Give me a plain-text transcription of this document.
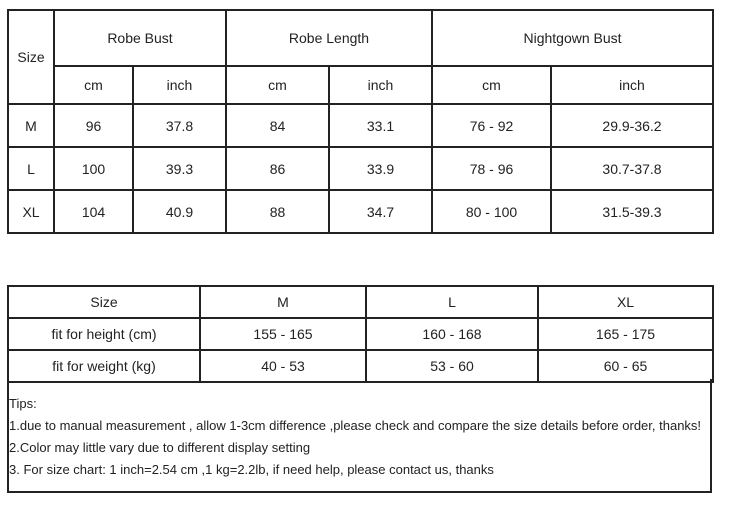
Size	Robe Bust		Robe Length		Nightgown Bust	
	cm	inch	cm	inch	cm	inch
M	96	37.8	84	33.1	76 - 92	29.9-36.2
L	100	39.3	86	33.9	78 - 96	30.7-37.8
XL	104	40.9	88	34.7	80 - 100	31.5-39.3
Size	M	L	XL
fit for height (cm)	155 - 165	160 - 168	165 - 175
fit for weight (kg)	40 - 53	53 - 60	60 - 65
Tips:
1.due to manual measurement , allow 1-3cm difference ,please check and compare the size details before order, thanks!
2.Color may little vary due to different display setting
3. For size chart: 1 inch=2.54 cm ,1 kg=2.2lb, if need help, please contact us, thanks
